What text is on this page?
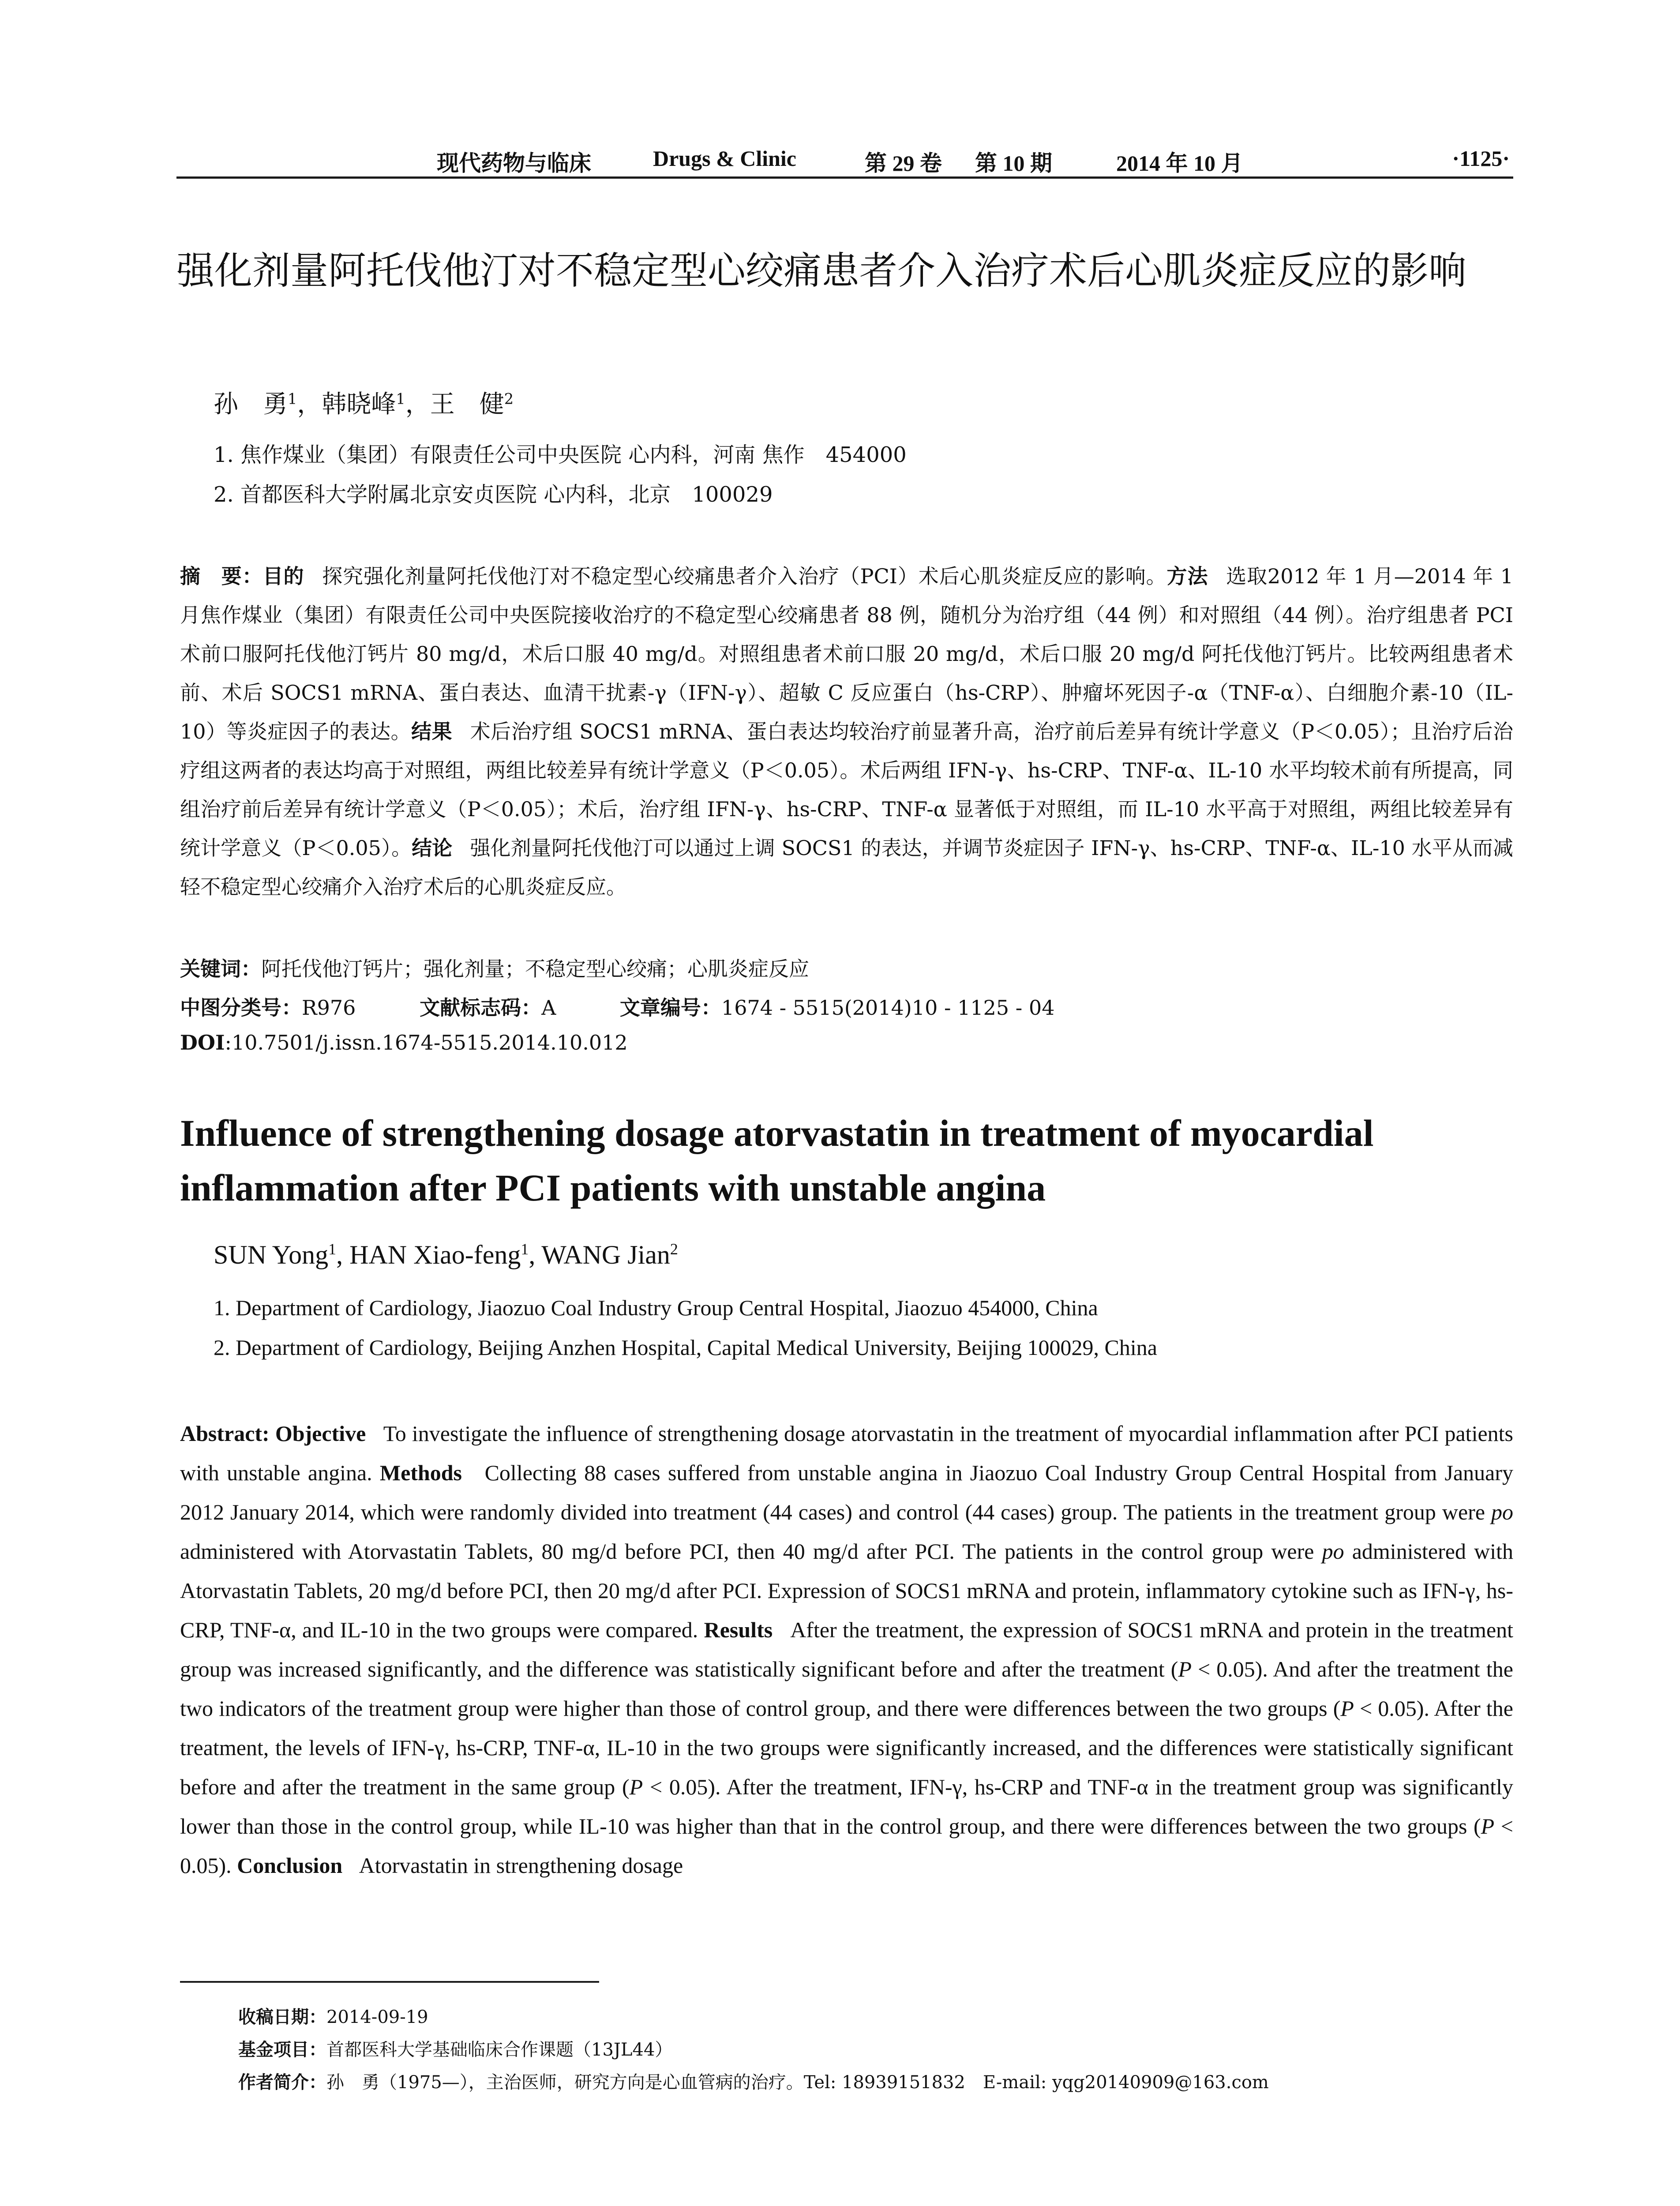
现代药物与临床	Drugs & Clinic	第 29 卷 第 10 期	2014 年 10 月	·1125·
强化剂量阿托伐他汀对不稳定型心绞痛患者介入治疗术后心肌炎症反应的影响
孙　勇$^1$，韩晓峰$^1$，王　健$^2$
1. 焦作煤业（集团）有限责任公司中央医院 心内科，河南 焦作　454000
2. 首都医科大学附属北京安贞医院 心内科，北京　100029
摘　要：目的 探究强化剂量阿托伐他汀对不稳定型心绞痛患者介入治疗（PCI）术后心肌炎症反应的影响。方法 选取2012 年 1 月—2014 年 1 月焦作煤业（集团）有限责任公司中央医院接收治疗的不稳定型心绞痛患者 88 例，随机分为治疗组（44 例）和对照组（44 例）。治疗组患者 PCI 术前口服阿托伐他汀钙片 80 mg/d，术后口服 40 mg/d。对照组患者术前口服 20 mg/d，术后口服 20 mg/d 阿托伐他汀钙片。比较两组患者术前、术后 SOCS1 mRNA、蛋白表达、血清干扰素-γ（IFN-γ）、超敏 C 反应蛋白（hs-CRP）、肿瘤坏死因子-α（TNF-α）、白细胞介素-10（IL-10）等炎症因子的表达。结果 术后治疗组 SOCS1 mRNA、蛋白表达均较治疗前显著升高，治疗前后差异有统计学意义（P＜0.05）；且治疗后治疗组这两者的表达均高于对照组，两组比较差异有统计学意义（P＜0.05）。术后两组 IFN-γ、hs-CRP、TNF-α、IL-10 水平均较术前有所提高，同组治疗前后差异有统计学意义（P＜0.05）；术后，治疗组 IFN-γ、hs-CRP、TNF-α 显著低于对照组，而 IL-10 水平高于对照组，两组比较差异有统计学意义（P＜0.05）。结论 强化剂量阿托伐他汀可以通过上调 SOCS1 的表达，并调节炎症因子 IFN-γ、hs-CRP、TNF-α、IL-10 水平从而减轻不稳定型心绞痛介入治疗术后的心肌炎症反应。
关键词：阿托伐他汀钙片；强化剂量；不稳定型心绞痛；心肌炎症反应
中图分类号：R976	文献标志码：A	文章编号：1674 - 5515(2014)10 - 1125 - 04
DOI:10.7501/j.issn.1674-5515.2014.10.012
Influence of strengthening dosage atorvastatin in treatment of myocardial inflammation after PCI patients with unstable angina
SUN Yong$^1$, HAN Xiao-feng$^1$, WANG Jian$^2$
1. Department of Cardiology, Jiaozuo Coal Industry Group Central Hospital, Jiaozuo 454000, China
2. Department of Cardiology, Beijing Anzhen Hospital, Capital Medical University, Beijing 100029, China
Abstract: Objective To investigate the influence of strengthening dosage atorvastatin in the treatment of myocardial inflammation after PCI patients with unstable angina. Methods Collecting 88 cases suffered from unstable angina in Jiaozuo Coal Industry Group Central Hospital from January 2012 January 2014, which were randomly divided into treatment (44 cases) and control (44 cases) group. The patients in the treatment group were po administered with Atorvastatin Tablets, 80 mg/d before PCI, then 40 mg/d after PCI. The patients in the control group were po administered with Atorvastatin Tablets, 20 mg/d before PCI, then 20 mg/d after PCI. Expression of SOCS1 mRNA and protein, inflammatory cytokine such as IFN-γ, hs-CRP, TNF-α, and IL-10 in the two groups were compared. Results After the treatment, the expression of SOCS1 mRNA and protein in the treatment group was increased significantly, and the difference was statistically significant before and after the treatment (P < 0.05). And after the treatment the two indicators of the treatment group were higher than those of control group, and there were differences between the two groups (P < 0.05). After the treatment, the levels of IFN-γ, hs-CRP, TNF-α, IL-10 in the two groups were significantly increased, and the differences were statistically significant before and after the treatment in the same group (P < 0.05). After the treatment, IFN-γ, hs-CRP and TNF-α in the treatment group was significantly lower than those in the control group, while IL-10 was higher than that in the control group, and there were differences between the two groups (P < 0.05). Conclusion Atorvastatin in strengthening dosage
收稿日期：2014-09-19
基金项目：首都医科大学基础临床合作课题（13JL44）
作者简介：孙　勇（1975—），主治医师，研究方向是心血管病的治疗。Tel: 18939151832　E-mail: yqg20140909@163.com
